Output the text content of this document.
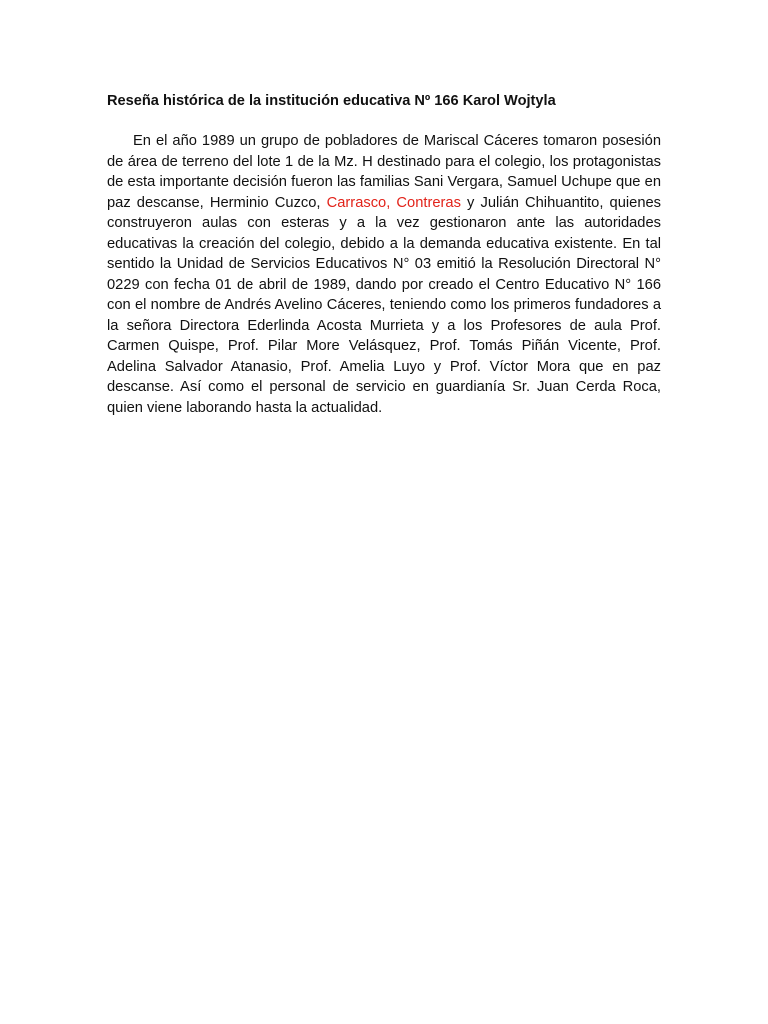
Reseña histórica de la institución educativa Nº 166 Karol Wojtyla

En el año 1989 un grupo de pobladores de Mariscal Cáceres tomaron posesión de área de terreno del lote 1 de la Mz. H destinado para el colegio, los protagonistas de esta importante decisión fueron las familias Sani Vergara, Samuel Uchupe que en paz descanse, Herminio Cuzco, Carrasco, Contreras y Julián Chihuantito, quienes construyeron aulas con esteras y a la vez gestionaron ante las autoridades educativas la creación del colegio, debido a la demanda educativa existente. En tal sentido la Unidad de Servicios Educativos N° 03 emitió la Resolución Directoral N° 0229 con fecha 01 de abril de 1989, dando por creado el Centro Educativo N° 166 con el nombre de Andrés Avelino Cáceres, teniendo como los primeros fundadores a la señora Directora Ederlinda Acosta Murrieta y a los Profesores de aula Prof. Carmen Quispe, Prof. Pilar More Velásquez, Prof. Tomás Piñán Vicente, Prof. Adelina Salvador Atanasio, Prof. Amelia Luyo y Prof. Víctor Mora que en paz descanse. Así como el personal de servicio en guardianía Sr. Juan Cerda Roca, quien viene laborando hasta la actualidad.
